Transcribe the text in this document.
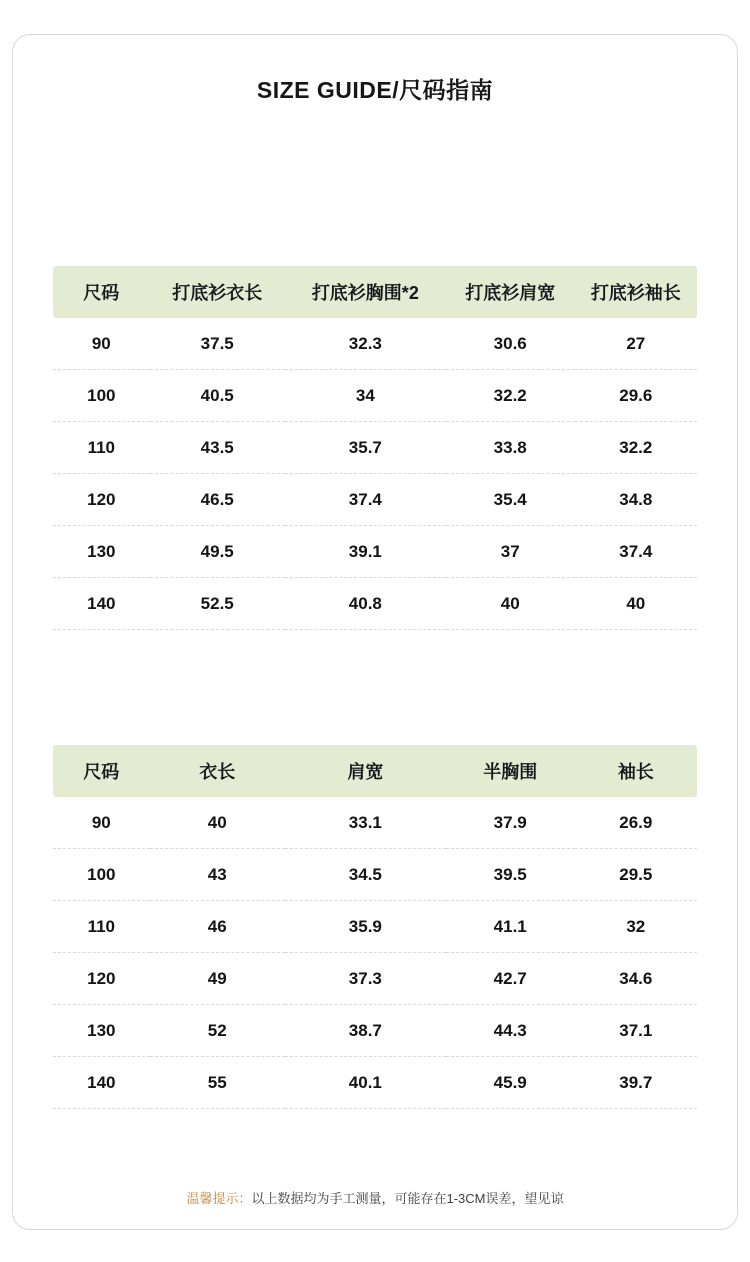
SIZE GUIDE/尺码指南
尺码	打底衫衣长	打底衫胸围*2	打底衫肩宽	打底衫袖长
90	37.5	32.3	30.6	27
100	40.5	34	32.2	29.6
110	43.5	35.7	33.8	32.2
120	46.5	37.4	35.4	34.8
130	49.5	39.1	37	37.4
140	52.5	40.8	40	40
尺码	衣长	肩宽	半胸围	袖长
90	40	33.1	37.9	26.9
100	43	34.5	39.5	29.5
110	46	35.9	41.1	32
120	49	37.3	42.7	34.6
130	52	38.7	44.3	37.1
140	55	40.1	45.9	39.7
温馨提示：以上数据均为手工测量，可能存在1-3CM误差，望见谅
